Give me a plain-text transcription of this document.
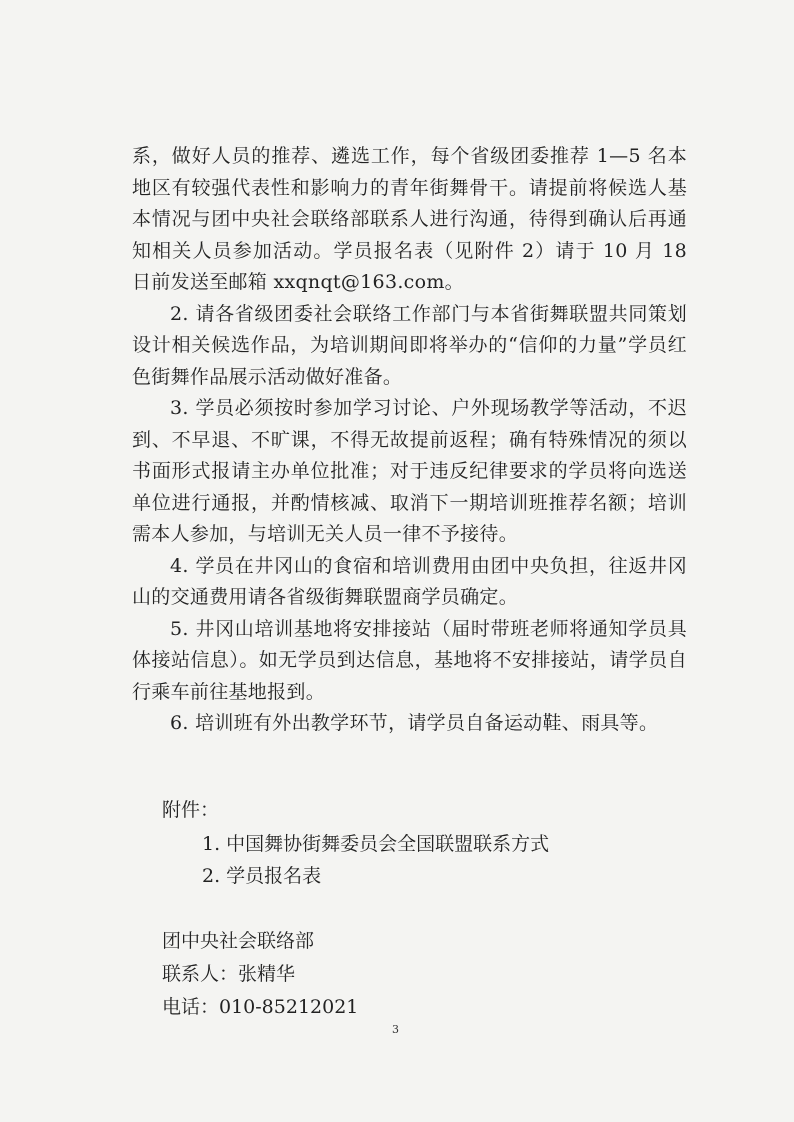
系，做好人员的推荐、遴选工作，每个省级团委推荐 1—5 名本地区有较强代表性和影响力的青年街舞骨干。请提前将候选人基本情况与团中央社会联络部联系人进行沟通，待得到确认后再通知相关人员参加活动。学员报名表（见附件 2）请于 10 月 18 日前发送至邮箱 xxqnqt@163.com。

2. 请各省级团委社会联络工作部门与本省街舞联盟共同策划设计相关候选作品，为培训期间即将举办的“信仰的力量”学员红色街舞作品展示活动做好准备。

3. 学员必须按时参加学习讨论、户外现场教学等活动，不迟到、不早退、不旷课，不得无故提前返程；确有特殊情况的须以书面形式报请主办单位批准；对于违反纪律要求的学员将向选送单位进行通报，并酌情核减、取消下一期培训班推荐名额；培训需本人参加，与培训无关人员一律不予接待。

4. 学员在井冈山的食宿和培训费用由团中央负担，往返井冈山的交通费用请各省级街舞联盟商学员确定。

5. 井冈山培训基地将安排接站（届时带班老师将通知学员具体接站信息）。如无学员到达信息，基地将不安排接站，请学员自行乘车前往基地报到。

6. 培训班有外出教学环节，请学员自备运动鞋、雨具等。

附件：

1. 中国舞协街舞委员会全国联盟联系方式

2. 学员报名表

团中央社会联络部

联系人：张精华

电话：010-85212021

3
